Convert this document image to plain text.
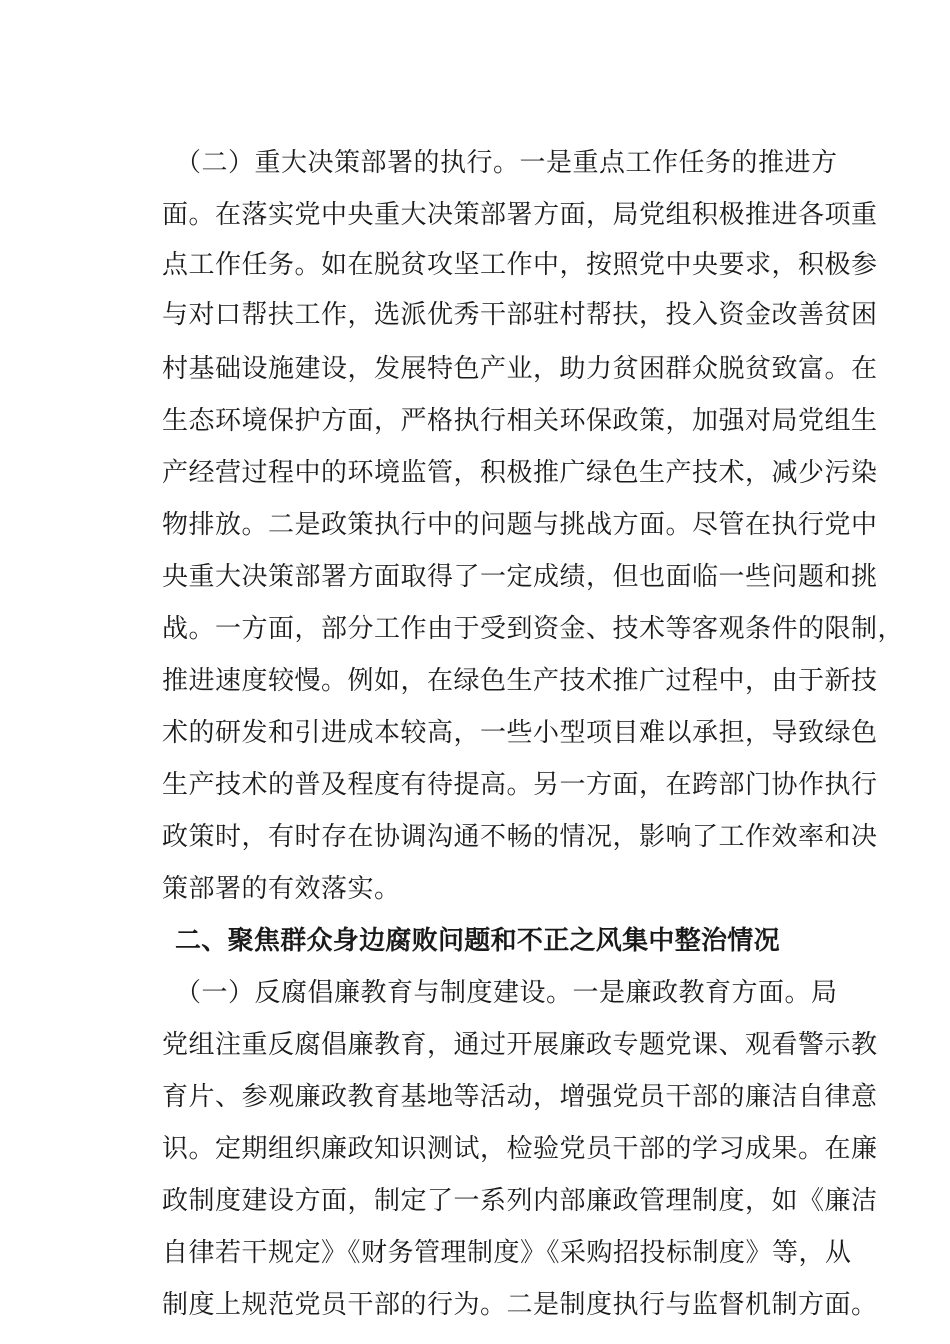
（二）重大决策部署的执行。一是重点工作任务的推进方
面。在落实党中央重大决策部署方面，局党组积极推进各项重
点工作任务。如在脱贫攻坚工作中，按照党中央要求，积极参
与对口帮扶工作，选派优秀干部驻村帮扶，投入资金改善贫困
村基础设施建设，发展特色产业，助力贫困群众脱贫致富。在
生态环境保护方面，严格执行相关环保政策，加强对局党组生
产经营过程中的环境监管，积极推广绿色生产技术，减少污染
物排放。二是政策执行中的问题与挑战方面。尽管在执行党中
央重大决策部署方面取得了一定成绩，但也面临一些问题和挑
战。一方面，部分工作由于受到资金、技术等客观条件的限制，
推进速度较慢。例如，在绿色生产技术推广过程中，由于新技
术的研发和引进成本较高，一些小型项目难以承担，导致绿色
生产技术的普及程度有待提高。另一方面，在跨部门协作执行
政策时，有时存在协调沟通不畅的情况，影响了工作效率和决
策部署的有效落实。
二、聚焦群众身边腐败问题和不正之风集中整治情况
（一）反腐倡廉教育与制度建设。一是廉政教育方面。局
党组注重反腐倡廉教育，通过开展廉政专题党课、观看警示教
育片、参观廉政教育基地等活动，增强党员干部的廉洁自律意
识。定期组织廉政知识测试，检验党员干部的学习成果。在廉
政制度建设方面，制定了一系列内部廉政管理制度，如《廉洁
自律若干规定》《财务管理制度》《采购招投标制度》等，从
制度上规范党员干部的行为。二是制度执行与监督机制方面。
